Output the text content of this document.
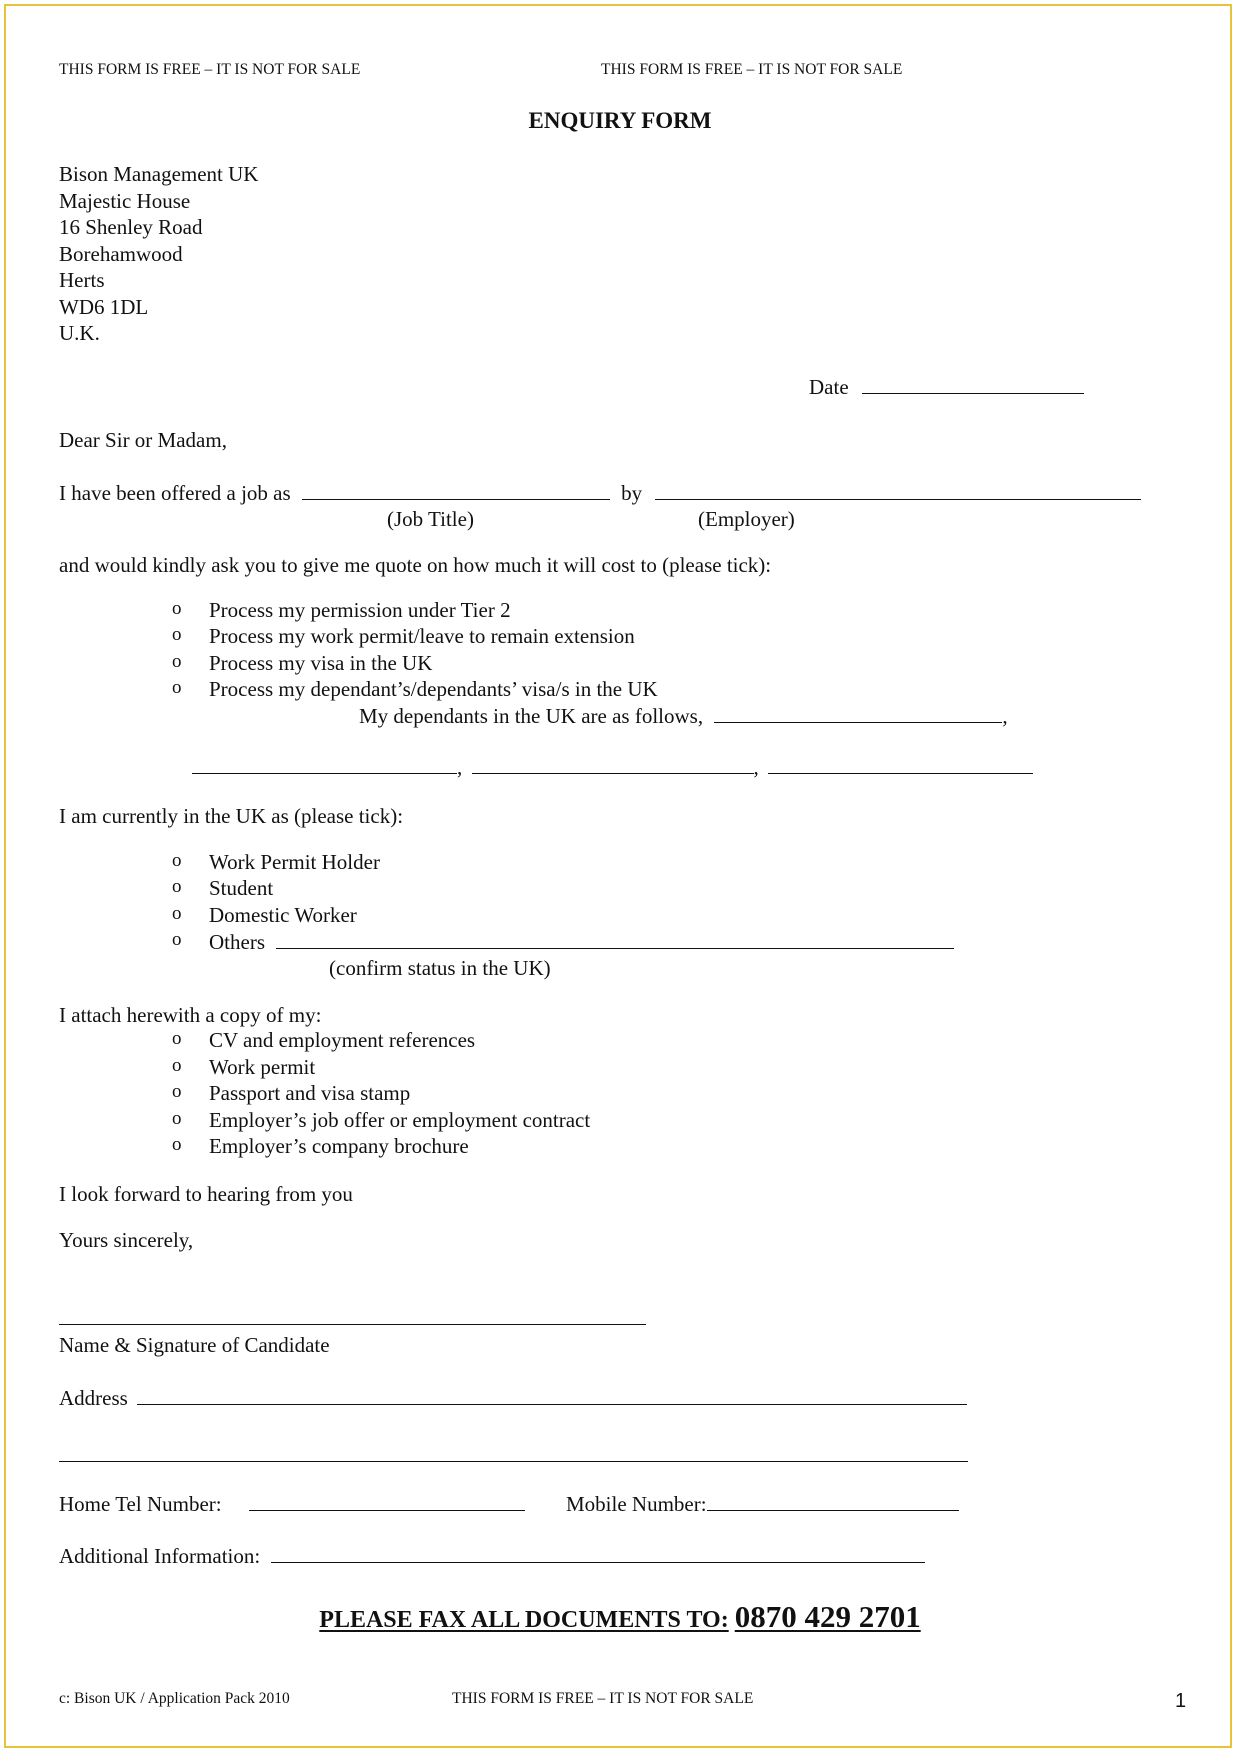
THIS FORM IS FREE – IT IS NOT FOR SALE	THIS FORM IS FREE – IT IS NOT FOR SALE
ENQUIRY FORM
Bison Management UK
Majestic House
16 Shenley Road
Borehamwood
Herts
WD6 1DL
U.K.
Date
Dear Sir or Madam,
I have been offered a job as	by
(Job Title)	(Employer)
and would kindly ask you to give me quote on how much it will cost to (please tick):
o Process my permission under Tier 2
o Process my work permit/leave to remain extension
o Process my visa in the UK
o Process my dependant’s/dependants’ visa/s in the UK
My dependants in the UK are as follows,	,
,	,
I am currently in the UK as (please tick):
o Work Permit Holder
o Student
o Domestic Worker
o Others
(confirm status in the UK)
I attach herewith a copy of my:
o CV and employment references
o Work permit
o Passport and visa stamp
o Employer’s job offer or employment contract
o Employer’s company brochure
I look forward to hearing from you
Yours sincerely,
Name & Signature of Candidate
Address
Home Tel Number:	Mobile Number:
Additional Information:
PLEASE FAX ALL DOCUMENTS TO: 0870 429 2701
c: Bison UK / Application Pack 2010	THIS FORM IS FREE – IT IS NOT FOR SALE	1
